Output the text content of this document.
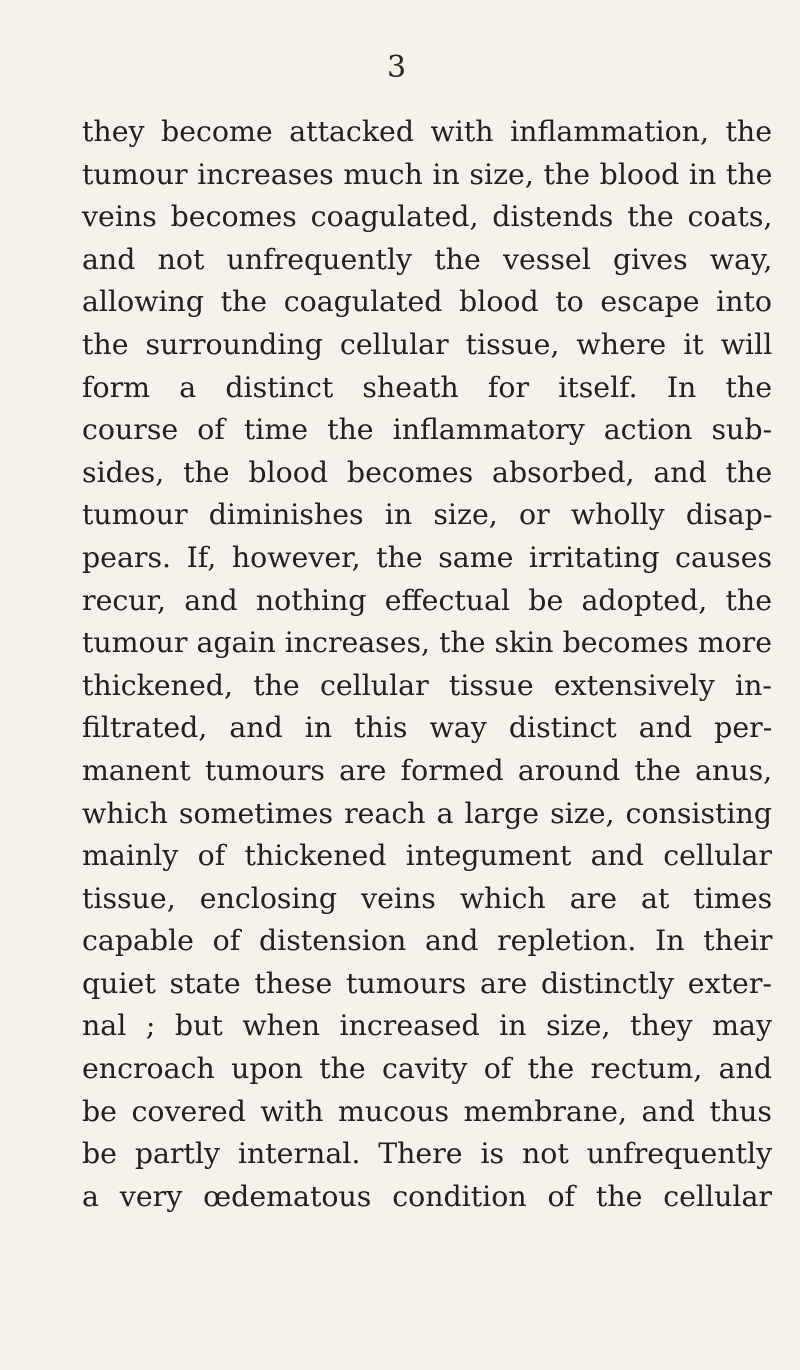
3
they become attacked with inflammation, the
tumour increases much in size, the blood in the
veins becomes coagulated, distends the coats,
and not unfrequently the vessel gives way,
allowing the coagulated blood to escape into
the surrounding cellular tissue, where it will
form a distinct sheath for itself. In the
course of time the inflammatory action sub-
sides, the blood becomes absorbed, and the
tumour diminishes in size, or wholly disap-
pears. If, however, the same irritating causes
recur, and nothing effectual be adopted, the
tumour again increases, the skin becomes more
thickened, the cellular tissue extensively in-
filtrated, and in this way distinct and per-
manent tumours are formed around the anus,
which sometimes reach a large size, consisting
mainly of thickened integument and cellular
tissue, enclosing veins which are at times
capable of distension and repletion. In their
quiet state these tumours are distinctly exter-
nal ; but when increased in size, they may
encroach upon the cavity of the rectum, and
be covered with mucous membrane, and thus
be partly internal. There is not unfrequently
a very œdematous condition of the cellular
